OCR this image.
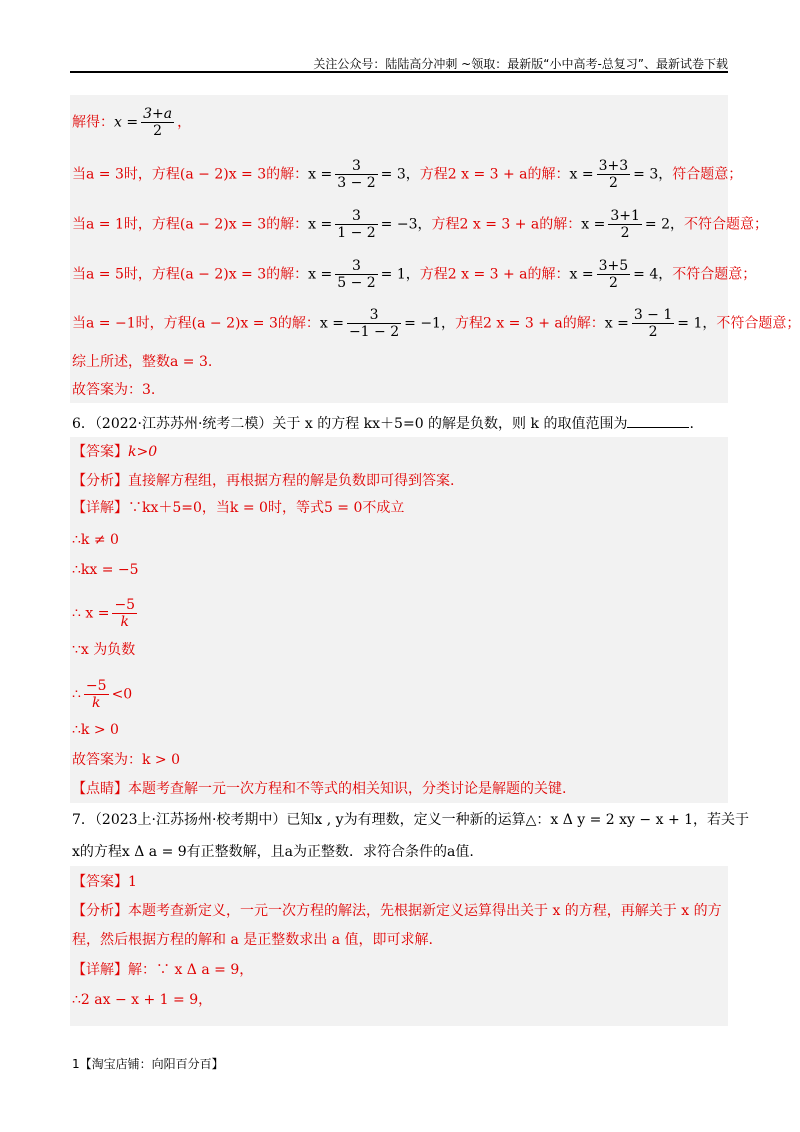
关注公众号：陆陆高分冲刺 ~领取：最新版“小中高考-总复习”、最新试卷下载
解得：$x = \frac{3+a}{2}$ ，
当a = 3时，方程(a − 2)x = 3的解：$x = \frac{3}{3 - 2} = 3$，方程2 x = 3 + a的解：$x = \frac{3+3}{2} = 3$，符合题意；
当a = 1时，方程(a − 2)x = 3的解：$x = \frac{3}{1 - 2} = -3$，方程2 x = 3 + a的解：$x = \frac{3+1}{2} = 2$，不符合题意；
当a = 5时，方程(a − 2)x = 3的解：$x = \frac{3}{5 - 2} = 1$，方程2 x = 3 + a的解：$x = \frac{3+5}{2} = 4$，不符合题意；
当a = −1时，方程(a − 2)x = 3的解：$x = \frac{3}{-1 - 2} = -1$，方程2 x = 3 + a的解：$x = \frac{3 - 1}{2} = 1$，不符合题意；
综上所述，整数a = 3.
故答案为：3.
6．（2022·江苏苏州·统考二模）关于 x 的方程 kx＋5=0 的解是负数，则 k 的取值范围为	.
【答案】k>0
【分析】直接解方程组，再根据方程的解是负数即可得到答案.
【详解】∵kx＋5=0，当k = 0时，等式5 = 0不成立
∴k ≠ 0
∴kx = −5
∴ $x = \frac{-5}{k}$
∵x 为负数
∴ $\frac{-5}{k} <0$
∴k > 0
故答案为：k > 0
【点睛】本题考查解一元一次方程和不等式的相关知识，分类讨论是解题的关键.
7．（2023上·江苏扬州·校考期中）已知x , y为有理数，定义一种新的运算△：x Δ y = 2 xy − x + 1，若关于
x的方程x Δ a = 9有正整数解，且a为正整数．求符合条件的a值.
【答案】1
【分析】本题考查新定义，一元一次方程的解法，先根据新定义运算得出关于 x 的方程，再解关于 x 的方
程，然后根据方程的解和 a 是正整数求出 a 值，即可求解.
【详解】解：∵ x Δ a = 9，
∴2 ax − x + 1 = 9，
1【淘宝店铺：向阳百分百】
